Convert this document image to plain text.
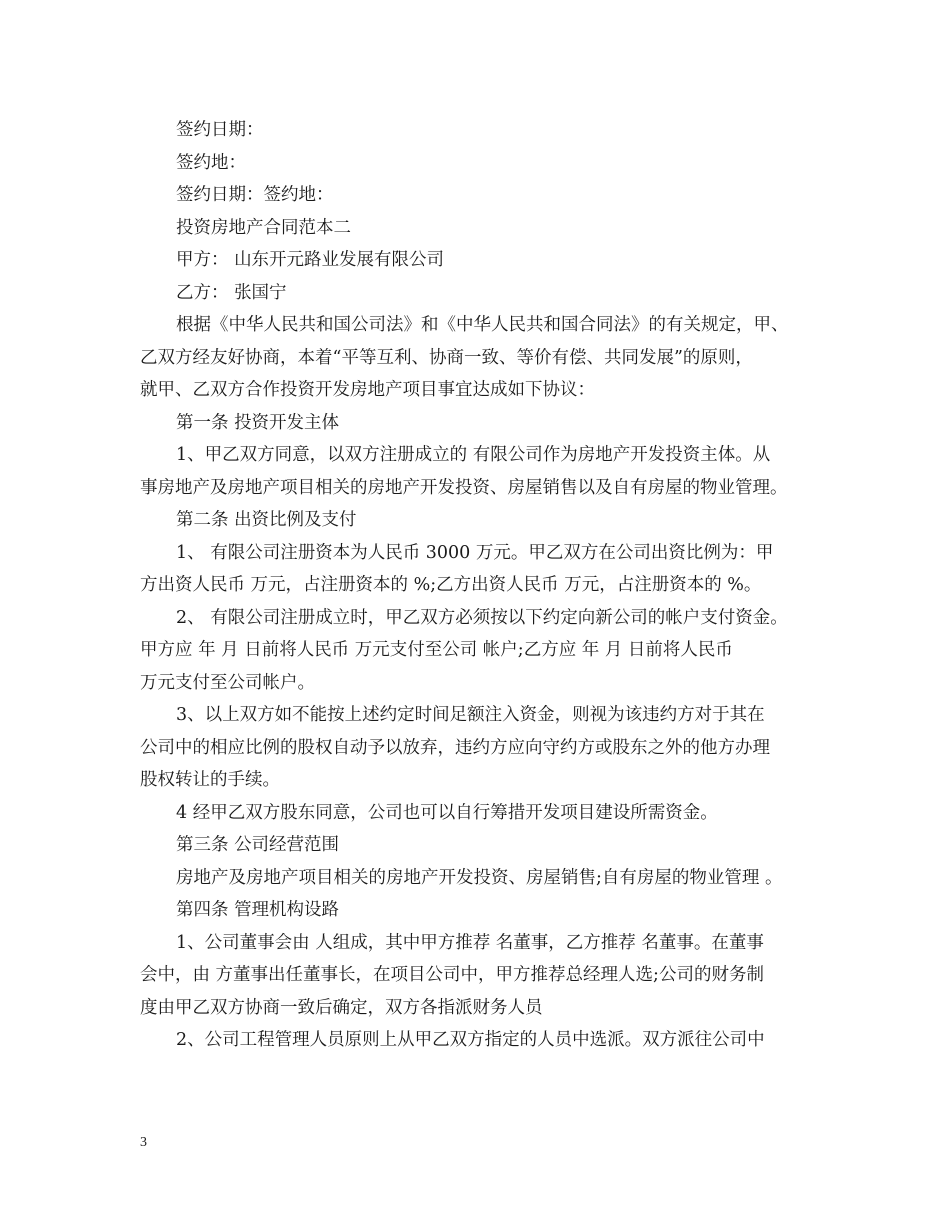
签约日期：
签约地：
签约日期：签约地：
投资房地产合同范本二
甲方： 山东开元路业发展有限公司
乙方： 张国宁
根据《中华人民共和国公司法》和《中华人民共和国合同法》的有关规定，甲、
乙双方经友好协商，本着“平等互利、协商一致、等价有偿、共同发展”的原则，
就甲、乙双方合作投资开发房地产项目事宜达成如下协议：
第一条 投资开发主体
1、甲乙双方同意，以双方注册成立的 有限公司作为房地产开发投资主体。从
事房地产及房地产项目相关的房地产开发投资、房屋销售以及自有房屋的物业管理。
第二条 出资比例及支付
1、 有限公司注册资本为人民币 3000 万元。甲乙双方在公司出资比例为：甲
方出资人民币 万元，占注册资本的 %;乙方出资人民币 万元，占注册资本的 %。
2、 有限公司注册成立时，甲乙双方必须按以下约定向新公司的帐户支付资金。
甲方应 年 月 日前将人民币 万元支付至公司 帐户;乙方应 年 月 日前将人民币
万元支付至公司帐户。
3、以上双方如不能按上述约定时间足额注入资金，则视为该违约方对于其在
公司中的相应比例的股权自动予以放弃，违约方应向守约方或股东之外的他方办理
股权转让的手续。
4 经甲乙双方股东同意，公司也可以自行筹措开发项目建设所需资金。
第三条 公司经营范围
房地产及房地产项目相关的房地产开发投资、房屋销售;自有房屋的物业管理 。
第四条 管理机构设路
1、公司董事会由 人组成，其中甲方推荐 名董事，乙方推荐 名董事。在董事
会中，由 方董事出任董事长，在项目公司中，甲方推荐总经理人选;公司的财务制
度由甲乙双方协商一致后确定，双方各指派财务人员
2、公司工程管理人员原则上从甲乙双方指定的人员中选派。双方派往公司中
3
